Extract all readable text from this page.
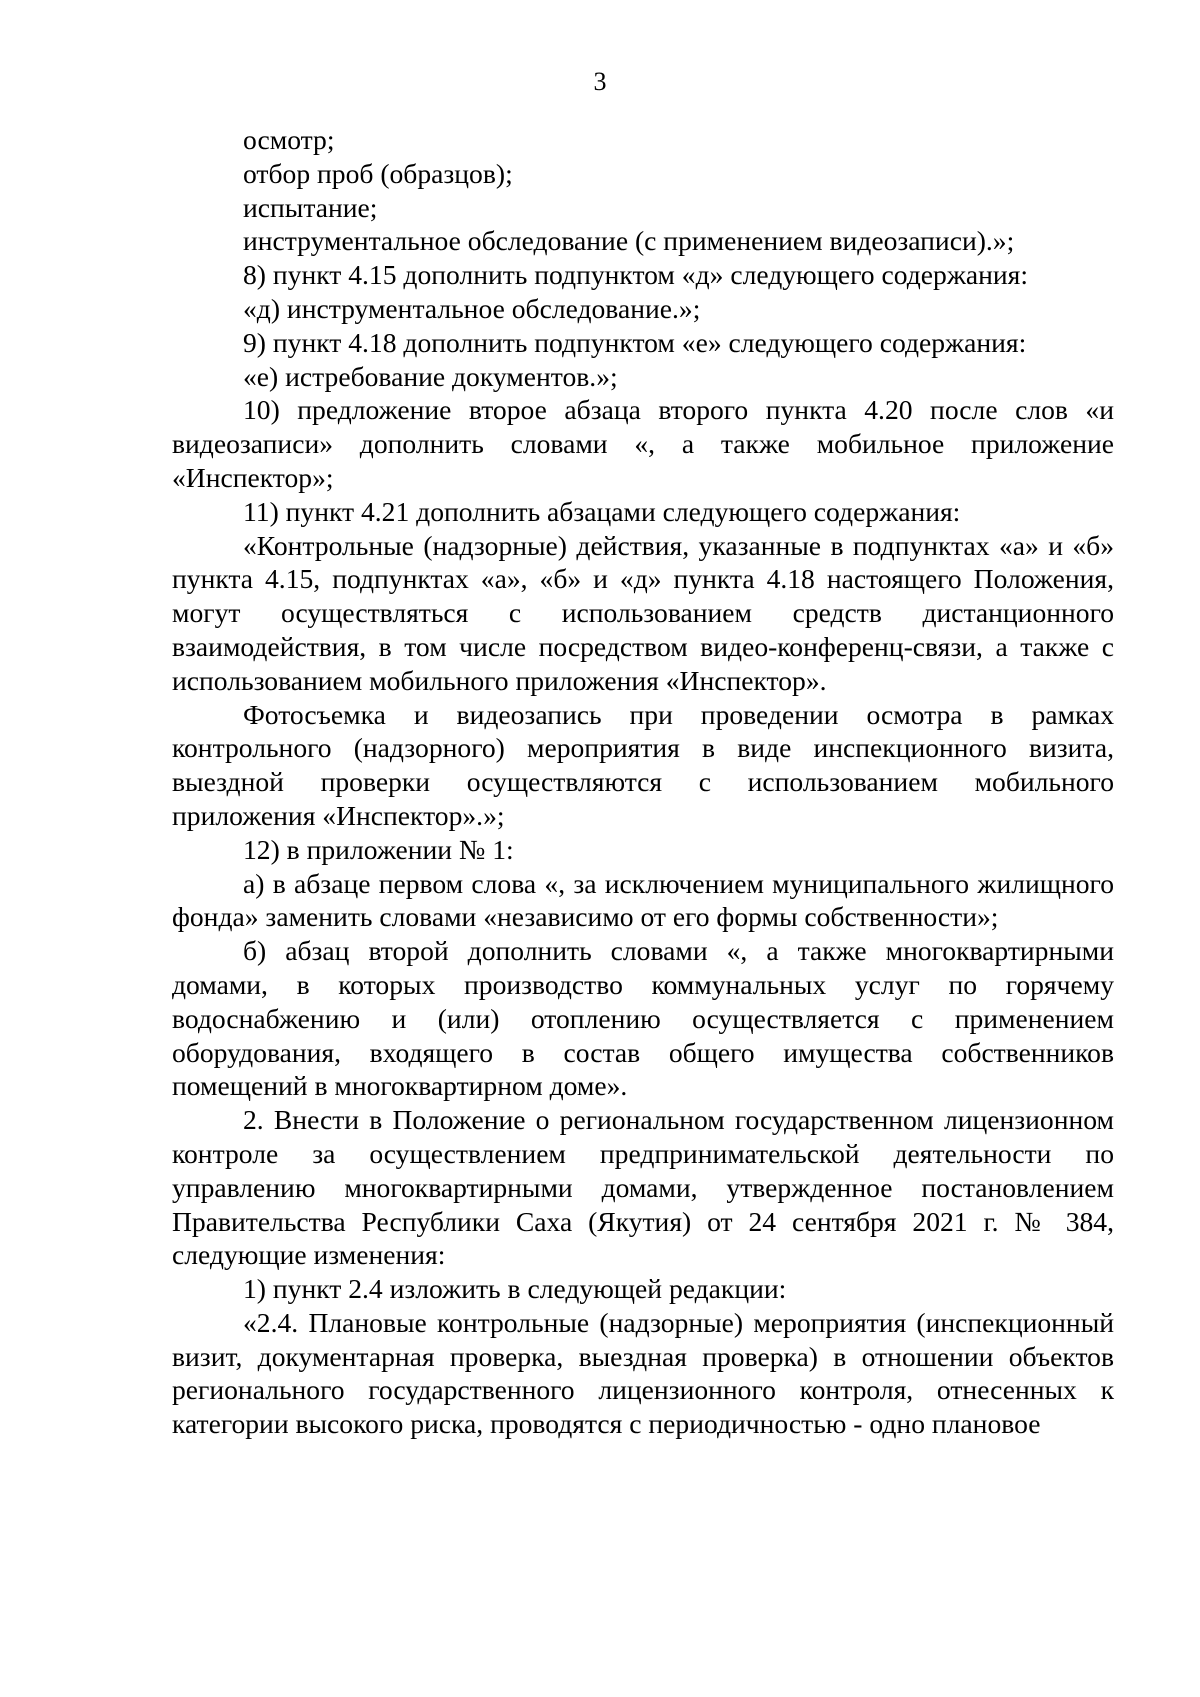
3

осмотр;

отбор проб (образцов);

испытание;

инструментальное обследование (с применением видеозаписи).»;

8) пункт 4.15 дополнить подпунктом «д» следующего содержания:

«д) инструментальное обследование.»;

9) пункт 4.18 дополнить подпунктом «е» следующего содержания:

«е) истребование документов.»;

10) предложение второе абзаца второго пункта 4.20 после слов «и видеозаписи» дополнить словами «, а также мобильное приложение «Инспектор»;

11) пункт 4.21 дополнить абзацами следующего содержания:

«Контрольные (надзорные) действия, указанные в подпунктах «а» и «б» пункта 4.15, подпунктах «а», «б» и «д» пункта 4.18 настоящего Положения, могут осуществляться с использованием средств дистанционного взаимодействия, в том числе посредством видео-конференц-связи, а также с использованием мобильного приложения «Инспектор».

Фотосъемка и видеозапись при проведении осмотра в рамках контрольного (надзорного) мероприятия в виде инспекционного визита, выездной проверки осуществляются с использованием мобильного приложения «Инспектор».»;

12) в приложении № 1:

а) в абзаце первом слова «, за исключением муниципального жилищного фонда» заменить словами «независимо от его формы собственности»;

б) абзац второй дополнить словами «, а также многоквартирными домами, в которых производство коммунальных услуг по горячему водоснабжению и (или) отоплению осуществляется с применением оборудования, входящего в состав общего имущества собственников помещений в многоквартирном доме».

2. Внести в Положение о региональном государственном лицензионном контроле за осуществлением предпринимательской деятельности по управлению многоквартирными домами, утвержденное постановлением Правительства Республики Саха (Якутия) от 24 сентября 2021 г. № 384, следующие изменения:

1) пункт 2.4 изложить в следующей редакции:

«2.4. Плановые контрольные (надзорные) мероприятия (инспекционный визит, документарная проверка, выездная проверка) в отношении объектов регионального государственного лицензионного контроля, отнесенных к категории высокого риска, проводятся с периодичностью - одно плановое
